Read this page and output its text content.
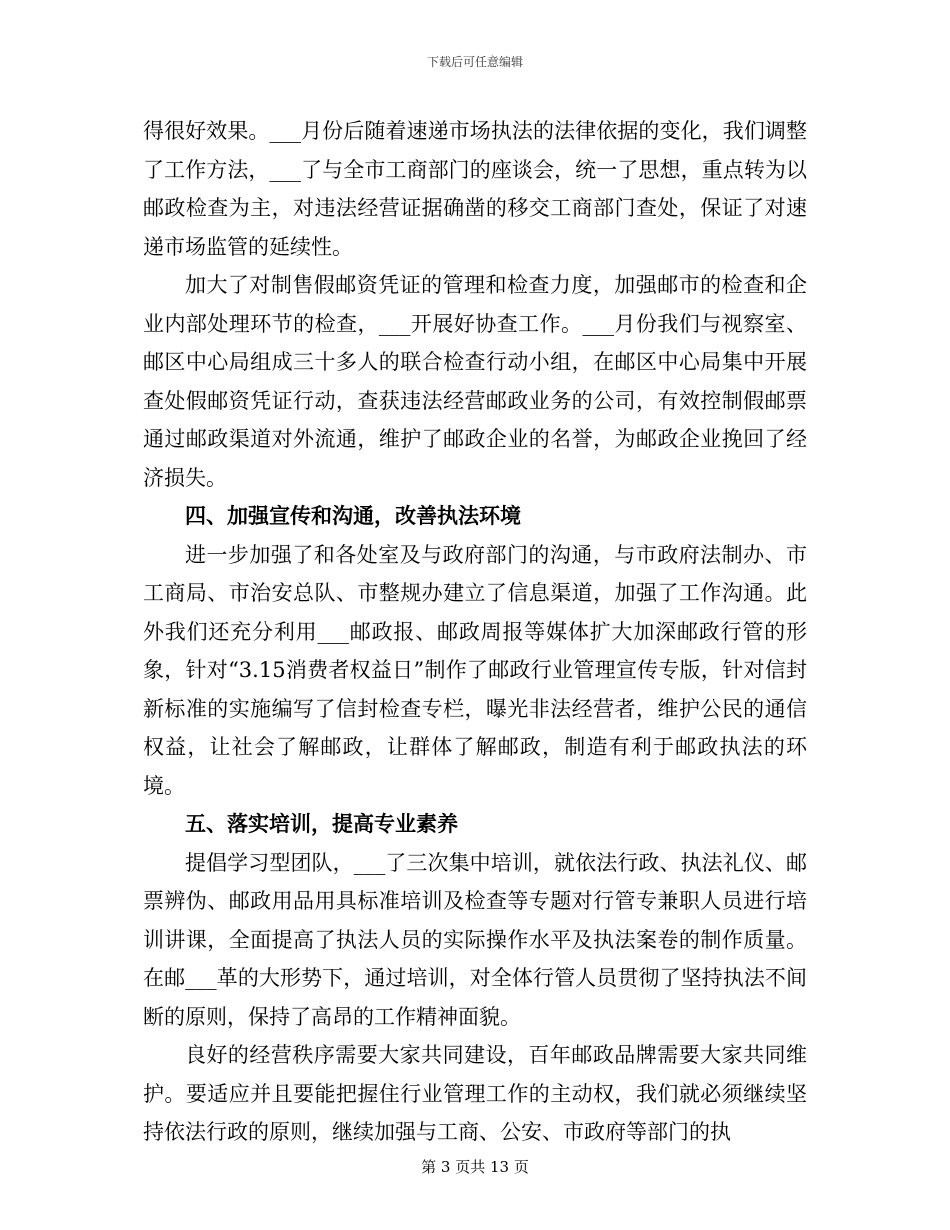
下载后可任意编辑

得很好效果。___月份后随着速递市场执法的法律依据的变化，我们调整了工作方法，___了与全市工商部门的座谈会，统一了思想，重点转为以邮政检查为主，对违法经营证据确凿的移交工商部门查处，保证了对速递市场监管的延续性。

加大了对制售假邮资凭证的管理和检查力度，加强邮市的检查和企业内部处理环节的检查，___开展好协查工作。___月份我们与视察室、邮区中心局组成三十多人的联合检查行动小组，在邮区中心局集中开展查处假邮资凭证行动，查获违法经营邮政业务的公司，有效控制假邮票通过邮政渠道对外流通，维护了邮政企业的名誉，为邮政企业挽回了经济损失。

四、加强宣传和沟通，改善执法环境

进一步加强了和各处室及与政府部门的沟通，与市政府法制办、市工商局、市治安总队、市整规办建立了信息渠道，加强了工作沟通。此外我们还充分利用___邮政报、邮政周报等媒体扩大加深邮政行管的形象，针对“3.15消费者权益日”制作了邮政行业管理宣传专版，针对信封新标准的实施编写了信封检查专栏，曝光非法经营者，维护公民的通信权益，让社会了解邮政，让群体了解邮政，制造有利于邮政执法的环境。

五、落实培训，提高专业素养

提倡学习型团队，___了三次集中培训，就依法行政、执法礼仪、邮票辨伪、邮政用品用具标准培训及检查等专题对行管专兼职人员进行培训讲课，全面提高了执法人员的实际操作水平及执法案卷的制作质量。在邮___革的大形势下，通过培训，对全体行管人员贯彻了坚持执法不间断的原则，保持了高昂的工作精神面貌。

良好的经营秩序需要大家共同建设，百年邮政品牌需要大家共同维护。要适应并且要能把握住行业管理工作的主动权，我们就必须继续坚持依法行政的原则，继续加强与工商、公安、市政府等部门的执

第 3 页共 13 页
